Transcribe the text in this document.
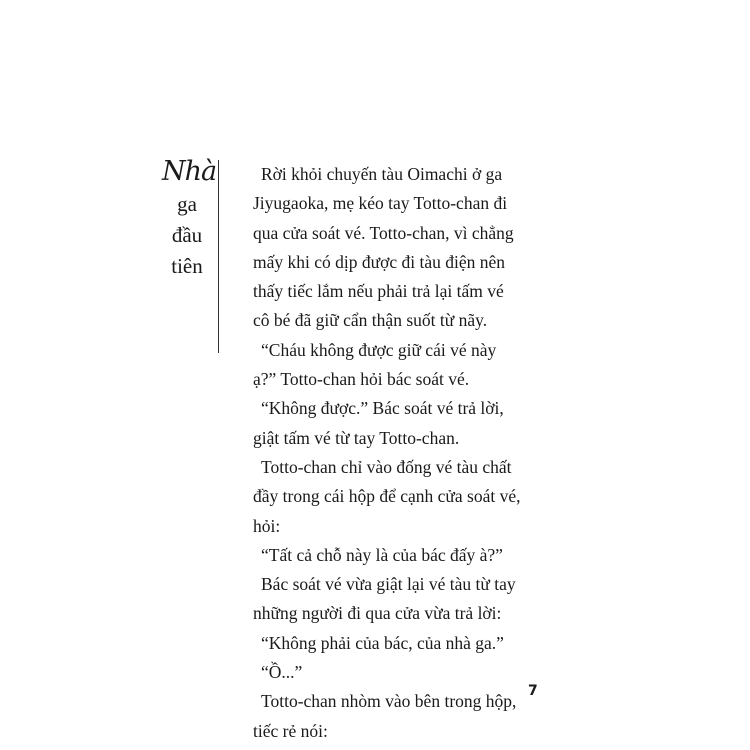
Nhà
ga
đầu
tiên
Rời khỏi chuyến tàu Oimachi ở ga
Jiyugaoka, mẹ kéo tay Totto-chan đi
qua cửa soát vé. Totto-chan, vì chẳng
mấy khi có dịp được đi tàu điện nên
thấy tiếc lắm nếu phải trả lại tấm vé
cô bé đã giữ cẩn thận suốt từ nãy.
“Cháu không được giữ cái vé này
ạ?” Totto-chan hỏi bác soát vé.
“Không được.” Bác soát vé trả lời,
giật tấm vé từ tay Totto-chan.
Totto-chan chỉ vào đống vé tàu chất
đầy trong cái hộp để cạnh cửa soát vé,
hỏi:
“Tất cả chỗ này là của bác đấy à?”
Bác soát vé vừa giật lại vé tàu từ tay
những người đi qua cửa vừa trả lời:
“Không phải của bác, của nhà ga.”
“Ồ...”
Totto-chan nhòm vào bên trong hộp,
tiếc rẻ nói:
7
